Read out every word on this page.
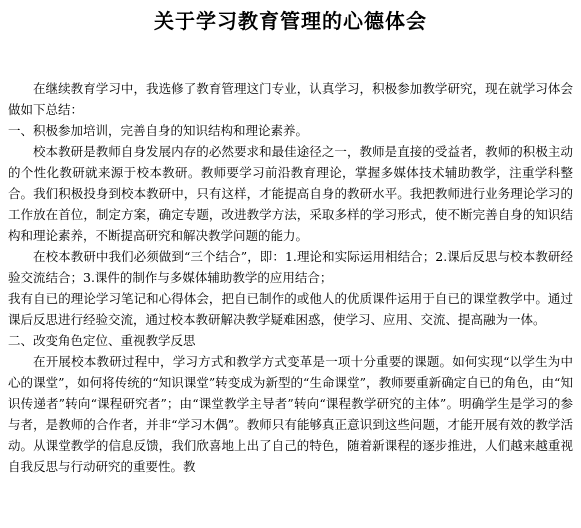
关于学习教育管理的心德体会

在继续教育学习中，我选修了教育管理这门专业，认真学习，积极参加教学研究，现在就学习体会做如下总结：

一、积极参加培训，完善自身的知识结构和理论素养。

校本教研是教师自身发展内存的必然要求和最佳途径之一，教师是直接的受益者，教师的积极主动的个性化教研就来源于校本教研。教师要学习前沿教育理论，掌握多媒体技术辅助教学，注重学科整合。我们积极投身到校本教研中，只有这样，才能提高自身的教研水平。我把教师进行业务理论学习的工作放在首位，制定方案，确定专题，改进教学方法，采取多样的学习形式，使不断完善自身的知识结构和理论素养，不断提高研究和解决教学问题的能力。

在校本教研中我们必须做到“三个结合”，即：1.理论和实际运用相结合；2.课后反思与校本教研经验交流结合；3.课件的制作与多媒体辅助教学的应用结合；

我有自已的理论学习笔记和心得体会，把自已制作的或他人的优质课件运用于自已的课堂教学中。通过课后反思进行经验交流，通过校本教研解决教学疑难困惑，使学习、应用、交流、提高融为一体。

二、改变角色定位、重视教学反思

在开展校本教研过程中，学习方式和教学方式变革是一项十分重要的课题。如何实现“以学生为中心的课堂”，如何将传统的“知识课堂”转变成为新型的“生命课堂”，教师要重新确定自已的角色，由“知识传递者”转向“课程研究者”；由“课堂教学主导者”转向“课程教学研究的主体”。明确学生是学习的参与者，是教师的合作者，并非“学习木偶”。教师只有能够真正意识到这些问题，才能开展有效的教学活动。从课堂教学的信息反馈，我们欣喜地上出了自己的特色，随着新课程的逐步推进，人们越来越重视自我反思与行动研究的重要性。教
